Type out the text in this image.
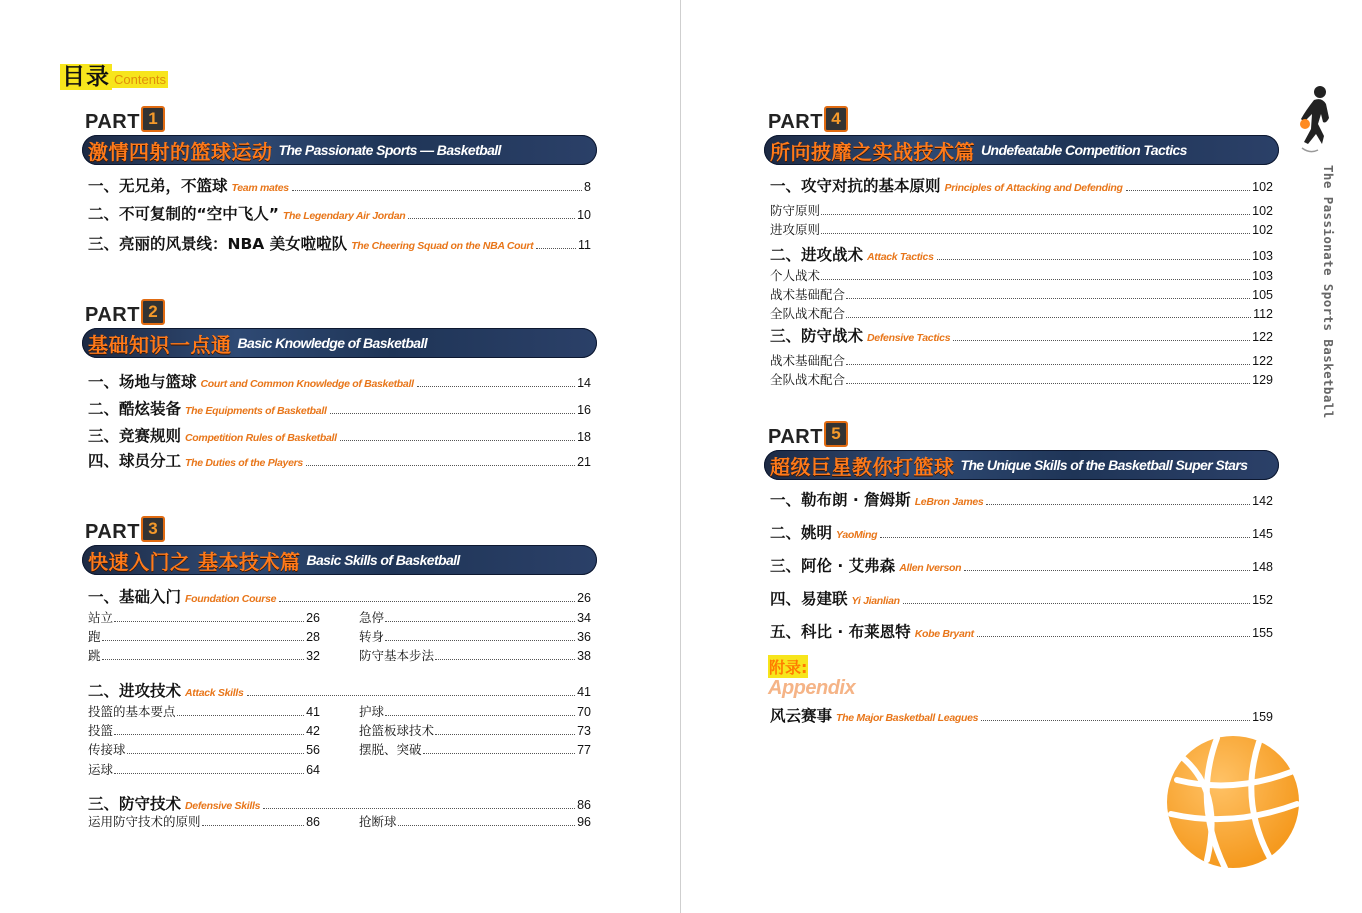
目录 Contents
PART 1
激情四射的篮球运动 The Passionate Sports — Basketball
一、无兄弟，不篮球 Team mates	8
二、不可复制的“空中飞人” The Legendary Air Jordan	10
三、亮丽的风景线：NBA 美女啦啦队 The Cheering Squad on the NBA Court	11
PART 2
基础知识一点通 Basic Knowledge of Basketball
一、场地与篮球 Court and Common Knowledge of Basketball	14
二、酷炫装备 The Equipments of Basketball	16
三、竞赛规则 Competition Rules of Basketball	18
四、球员分工 The Duties of the Players	21
PART 3
快速入门之 基本技术篇 Basic Skills of Basketball
一、基础入门 Foundation Course	26
站立	26	急停	34
跑	28	转身	36
跳	32	防守基本步法	38
二、进攻技术 Attack Skills	41
投篮的基本要点	41	护球	70
投篮	42	抢篮板球技术	73
传接球	56	摆脱、突破	77
运球	64
三、防守技术 Defensive Skills	86
运用防守技术的原则	86	抢断球	96
The Passionate Sports Basketball
PART 4
所向披靡之实战技术篇 Undefeatable Competition Tactics
一、攻守对抗的基本原则 Principles of Attacking and Defending	102
防守原则	102
进攻原则	102
二、进攻战术 Attack Tactics	103
个人战术	103
战术基础配合	105
全队战术配合	112
三、防守战术 Defensive Tactics	122
战术基础配合	122
全队战术配合	129
PART 5
超级巨星教你打篮球 The Unique Skills of the Basketball Super Stars
一、勒布朗 · 詹姆斯 LeBron James	142
二、姚明 YaoMing	145
三、阿伦 · 艾弗森 Allen Iverson	148
四、易建联 Yi Jianlian	152
五、科比 · 布莱恩特 Kobe Bryant	155
附录:
Appendix
风云赛事 The Major Basketball Leagues	159
